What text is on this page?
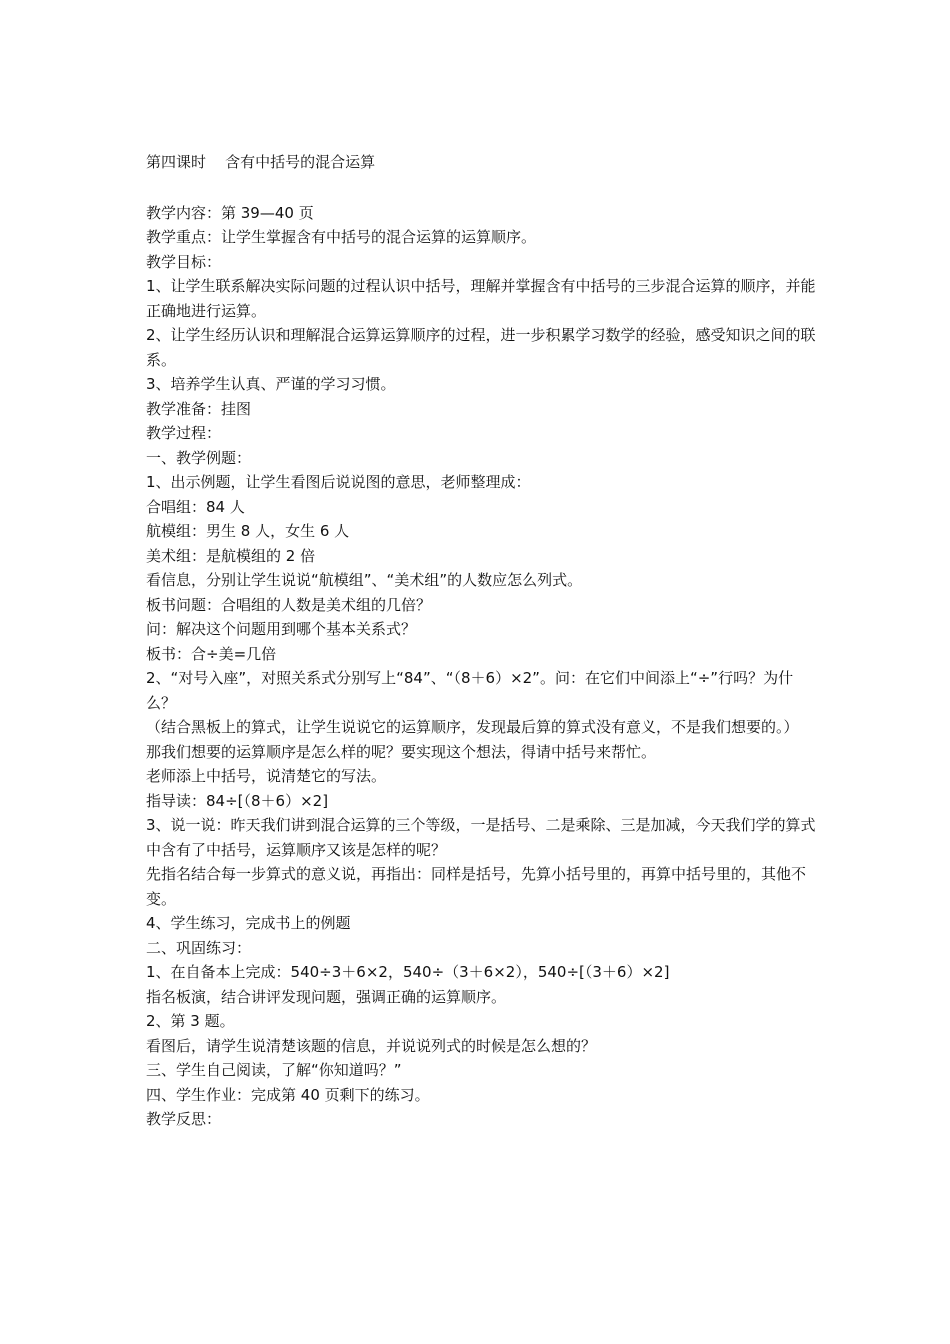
第四课时    含有中括号的混合运算

教学内容：第 39—40 页

教学重点：让学生掌握含有中括号的混合运算的运算顺序。

教学目标：

1、让学生联系解决实际问题的过程认识中括号，理解并掌握含有中括号的三步混合运算的顺序，并能正确地进行运算。

2、让学生经历认识和理解混合运算运算顺序的过程，进一步积累学习数学的经验，感受知识之间的联系。

3、培养学生认真、严谨的学习习惯。

教学准备：挂图

教学过程：

一、教学例题：

1、出示例题，让学生看图后说说图的意思，老师整理成：

合唱组：84 人

航模组：男生 8 人，女生 6 人

美术组：是航模组的 2 倍

看信息，分别让学生说说“航模组”、“美术组”的人数应怎么列式。

板书问题：合唱组的人数是美术组的几倍？

问：解决这个问题用到哪个基本关系式？

板书：合÷美=几倍

2、“对号入座”，对照关系式分别写上“84”、“（8＋6）×2”。问：在它们中间添上“÷”行吗？为什么？

（结合黑板上的算式，让学生说说它的运算顺序，发现最后算的算式没有意义，不是我们想要的。）

那我们想要的运算顺序是怎么样的呢？要实现这个想法，得请中括号来帮忙。

老师添上中括号，说清楚它的写法。

指导读：84÷[（8＋6）×2]

3、说一说：昨天我们讲到混合运算的三个等级，一是括号、二是乘除、三是加减，今天我们学的算式中含有了中括号，运算顺序又该是怎样的呢？

先指名结合每一步算式的意义说，再指出：同样是括号，先算小括号里的，再算中括号里的，其他不变。

4、学生练习，完成书上的例题

二、巩固练习：

1、在自备本上完成：540÷3＋6×2，540÷（3＋6×2），540÷[（3＋6）×2]

指名板演，结合讲评发现问题，强调正确的运算顺序。

2、第 3 题。

看图后，请学生说清楚该题的信息，并说说列式的时候是怎么想的？

三、学生自己阅读，了解“你知道吗？”

四、学生作业：完成第 40 页剩下的练习。

教学反思：
